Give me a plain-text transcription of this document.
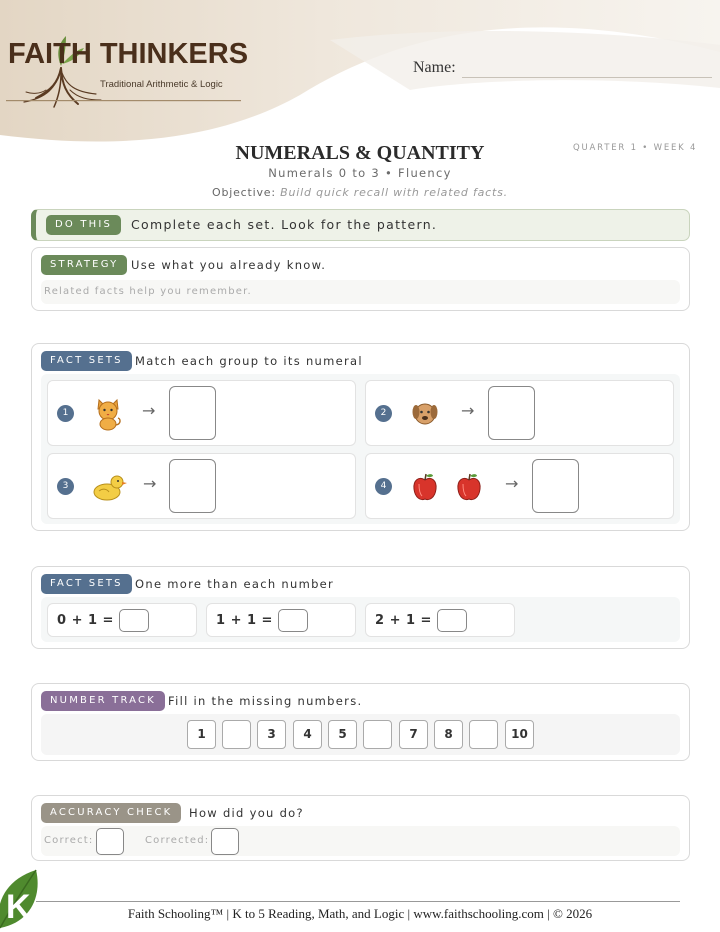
FAITH THINKERS
Traditional Arithmetic & Logic
Name:
NUMERALS & QUANTITY
Numerals 0 to 3 • Fluency
Objective: Build quick recall with related facts.
QUARTER 1 • WEEK 4
DO THIS	Complete each set. Look for the pattern.
STRATEGY	Use what you already know.
Related facts help you remember.
FACT SETS	Match each group to its numeral
1	→	2	→
3	→	4	→
FACT SETS	One more than each number
0 + 1 =	1 + 1 =	2 + 1 =
NUMBER TRACK	Fill in the missing numbers.
1	3	4	5	7	8	10
ACCURACY CHECK	How did you do?
Correct:	Corrected:
K	Faith Schooling™ | K to 5 Reading, Math, and Logic | www.faithschooling.com | © 2026
